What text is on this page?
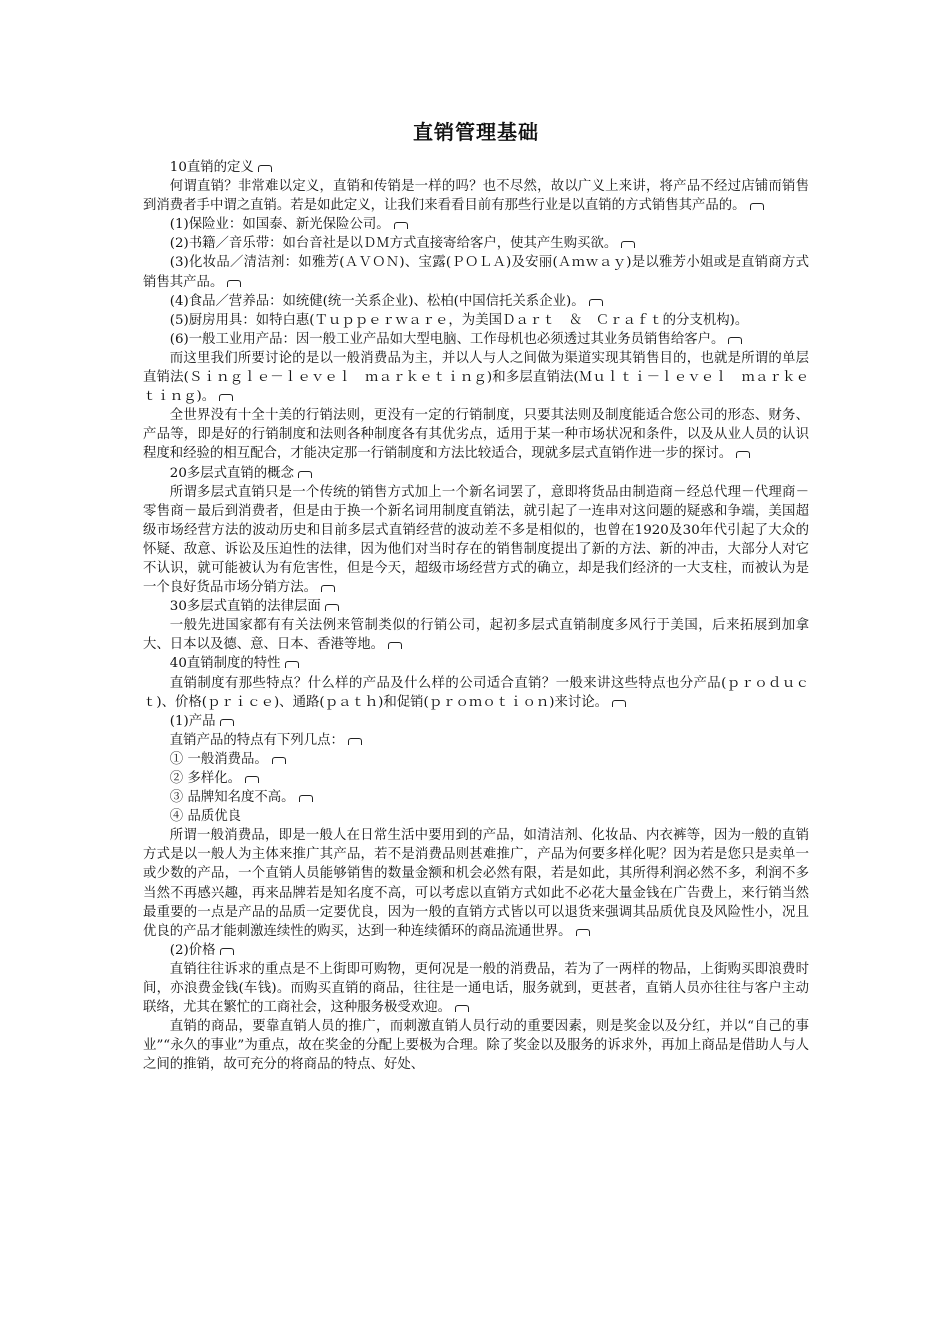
直销管理基础

10直销的定义

何谓直销？非常难以定义，直销和传销是一样的吗？也不尽然，故以广义上来讲，将产品不经过店铺而销售到消费者手中谓之直销。若是如此定义，让我们来看看目前有那些行业是以直销的方式销售其产品的。

(1)保险业：如国泰、新光保险公司。

(2)书籍／音乐带：如台音社是以ＤＭ方式直接寄给客户，使其产生购买欲。

(3)化妆品／清洁剂：如雅芳(ＡＶＯＮ)、宝露(ＰＯＬＡ)及安丽(Ａｍｗａｙ)是以雅芳小姐或是直销商方式销售其产品。

(4)食品／营养品：如统健(统一关系企业)、松柏(中国信托关系企业)。

(5)厨房用具：如特白惠(Ｔｕｐｐｅｒｗａｒｅ，为美国Ｄａｒｔ　＆　Ｃｒａｆｔ的分支机构)。

(6)一般工业用产品：因一般工业产品如大型电脑、工作母机也必须透过其业务员销售给客户。

而这里我们所要讨论的是以一般消费品为主，并以人与人之间做为渠道实现其销售目的，也就是所谓的单层直销法(Ｓｉｎｇｌｅ－ｌｅｖｅｌ　ｍａｒｋｅｔｉｎｇ)和多层直销法(Ｍｕｌｔｉ－ｌｅｖｅｌ　ｍａｒｋｅｔｉｎｇ)。

全世界没有十全十美的行销法则，更没有一定的行销制度，只要其法则及制度能适合您公司的形态、财务、产品等，即是好的行销制度和法则各种制度各有其优劣点，适用于某一种市场状况和条件，以及从业人员的认识程度和经验的相互配合，才能决定那一行销制度和方法比较适合，现就多层式直销作进一步的探讨。

20多层式直销的概念

所谓多层式直销只是一个传统的销售方式加上一个新名词罢了，意即将货品由制造商－经总代理－代理商－零售商－最后到消费者，但是由于换一个新名词用制度直销法，就引起了一连串对这问题的疑惑和争端，美国超级市场经营方法的波动历史和目前多层式直销经营的波动差不多是相似的，也曾在1920及30年代引起了大众的怀疑、敌意、诉讼及压迫性的法律，因为他们对当时存在的销售制度提出了新的方法、新的冲击，大部分人对它不认识，就可能被认为有危害性，但是今天，超级市场经营方式的确立，却是我们经济的一大支柱，而被认为是一个良好货品市场分销方法。

30多层式直销的法律层面

一般先进国家都有有关法例来管制类似的行销公司，起初多层式直销制度多风行于美国，后来拓展到加拿大、日本以及德、意、日本、香港等地。

40直销制度的特性

直销制度有那些特点？什么样的产品及什么样的公司适合直销？一般来讲这些特点也分产品(ｐｒｏｄｕｃｔ)、价格(ｐｒｉｃｅ)、通路(ｐａｔｈ)和促销(ｐｒｏｍｏｔｉｏｎ)来讨论。

(1)产品

直销产品的特点有下列几点：

① 一般消费品。

② 多样化。

③ 品牌知名度不高。

④ 品质优良

所谓一般消费品，即是一般人在日常生活中要用到的产品，如清洁剂、化妆品、内衣裤等，因为一般的直销方式是以一般人为主体来推广其产品，若不是消费品则甚难推广，产品为何要多样化呢？因为若是您只是卖单一或少数的产品，一个直销人员能够销售的数量金额和机会必然有限，若是如此，其所得利润必然不多，利润不多当然不再感兴趣，再来品牌若是知名度不高，可以考虑以直销方式如此不必花大量金钱在广告费上，来行销当然最重要的一点是产品的品质一定要优良，因为一般的直销方式皆以可以退货来强调其品质优良及风险性小，况且优良的产品才能刺激连续性的购买，达到一种连续循环的商品流通世界。

(2)价格

直销往往诉求的重点是不上街即可购物，更何况是一般的消费品，若为了一两样的物品，上街购买即浪费时间，亦浪费金钱(车钱)。而购买直销的商品，往往是一通电话，服务就到，更甚者，直销人员亦往往与客户主动联络，尤其在繁忙的工商社会，这种服务极受欢迎。

直销的商品，要靠直销人员的推广，而刺激直销人员行动的重要因素，则是奖金以及分红，并以“自己的事业”“永久的事业”为重点，故在奖金的分配上要极为合理。除了奖金以及服务的诉求外，再加上商品是借助人与人之间的推销，故可充分的将商品的特点、好处、
